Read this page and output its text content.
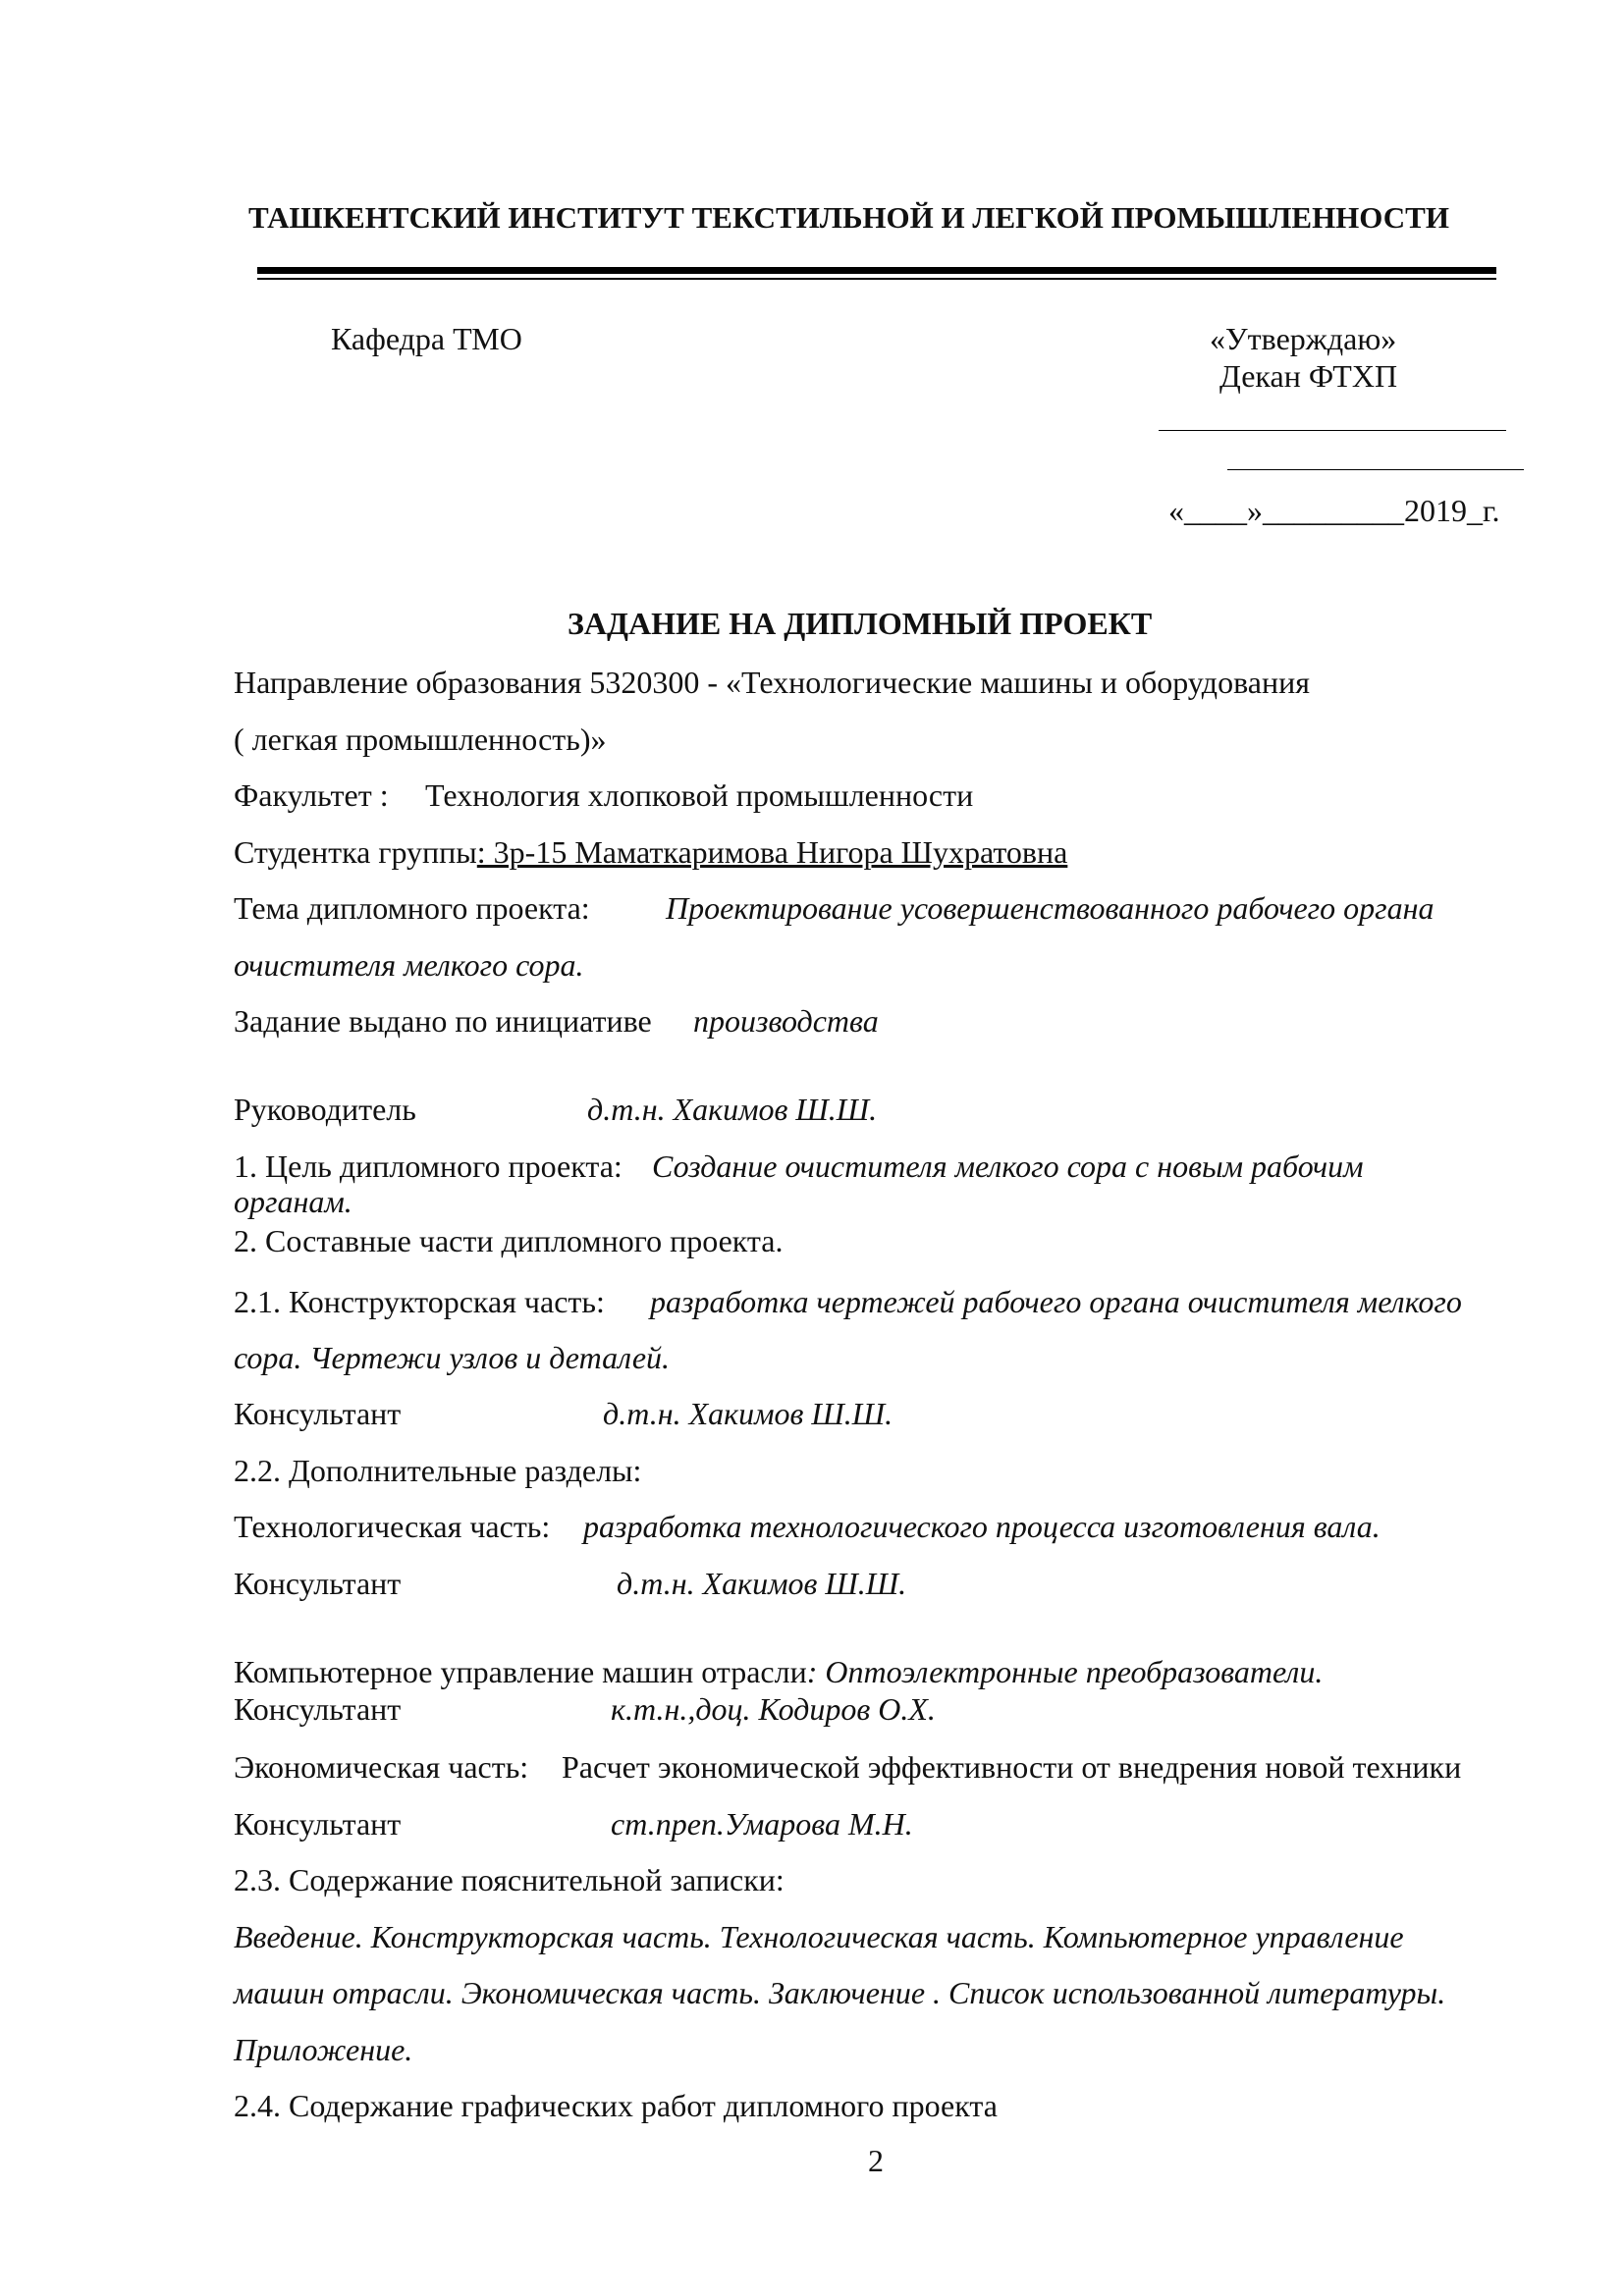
ТАШКЕНТСКИЙ ИНСТИТУТ ТЕКСТИЛЬНОЙ И ЛЕГКОЙ ПРОМЫШЛЕННОСТИ
Кафедра ТМО	«Утверждаю»
Декан ФТХП
«____»_________2019_г.
ЗАДАНИЕ НА ДИПЛОМНЫЙ ПРОЕКТ
Направление образования 5320300 - «Технологические машины и оборудования
( легкая промышленность)»
Факультет : Технология хлопковой промышленности
Студентка группы: 3р-15 Маматкаримова Нигора Шухратовна
Тема дипломного проекта: Проектирование усовершенствованного рабочего органа
очистителя мелкого сора.
Задание выдано по инициативе производства
Руководитель	д.т.н. Хакимов Ш.Ш.
1. Цель дипломного проекта: Создание очистителя мелкого сора с новым рабочим
органам.
2. Составные части дипломного проекта.
2.1. Конструкторская часть: разработка чертежей рабочего органа очистителя мелкого
сора. Чертежи узлов и деталей.
Консультант	д.т.н. Хакимов Ш.Ш.
2.2. Дополнительные разделы:
Технологическая часть: разработка технологического процесса изготовления вала.
Консультант	д.т.н. Хакимов Ш.Ш.
Компьютерное управление машин отрасли: Оптоэлектронные преобразователи.
Консультант	к.т.н.,доц. Кодиров О.Х.
Экономическая часть: Расчет экономической эффективности от внедрения новой техники
Консультант	ст.преп.Умарова М.Н.
2.3. Содержание пояснительной записки:
Введение. Конструкторская часть. Технологическая часть. Компьютерное управление
машин отрасли. Экономическая часть. Заключение . Список использованной литературы.
Приложение.
2.4. Содержание графических работ дипломного проекта
2
